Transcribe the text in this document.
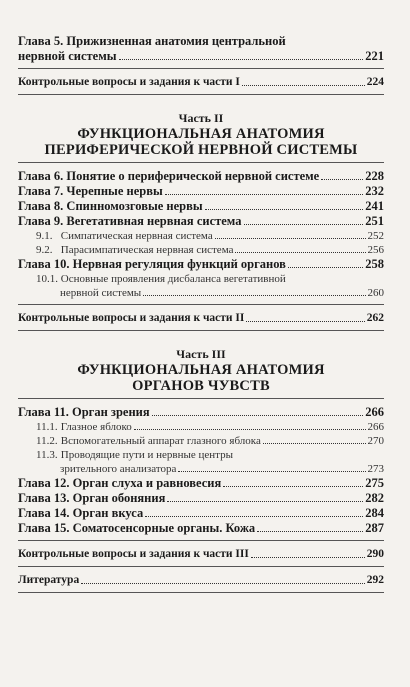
Глава 5. Прижизненная анатомия центральной
нервной системы	221
Контрольные вопросы и задания к части I	224
Часть II
ФУНКЦИОНАЛЬНАЯ АНАТОМИЯ
ПЕРИФЕРИЧЕСКОЙ НЕРВНОЙ СИСТЕМЫ
Глава 6. Понятие о периферической нервной системе	228
Глава 7. Черепные нервы	232
Глава 8. Спинномозговые нервы	241
Глава 9. Вегетативная нервная система	251
9.1. Симпатическая нервная система	252
9.2. Парасимпатическая нервная система	256
Глава 10. Нервная регуляция функций органов	258
10.1. Основные проявления дисбаланса вегетативной
нервной системы	260
Контрольные вопросы и задания к части II	262
Часть III
ФУНКЦИОНАЛЬНАЯ АНАТОМИЯ
ОРГАНОВ ЧУВСТВ
Глава 11. Орган зрения	266
11.1. Глазное яблоко	266
11.2. Вспомогательный аппарат глазного яблока	270
11.3. Проводящие пути и нервные центры
зрительного анализатора	273
Глава 12. Орган слуха и равновесия	275
Глава 13. Орган обоняния	282
Глава 14. Орган вкуса	284
Глава 15. Соматосенсорные органы. Кожа	287
Контрольные вопросы и задания к части III	290
Литература	292
